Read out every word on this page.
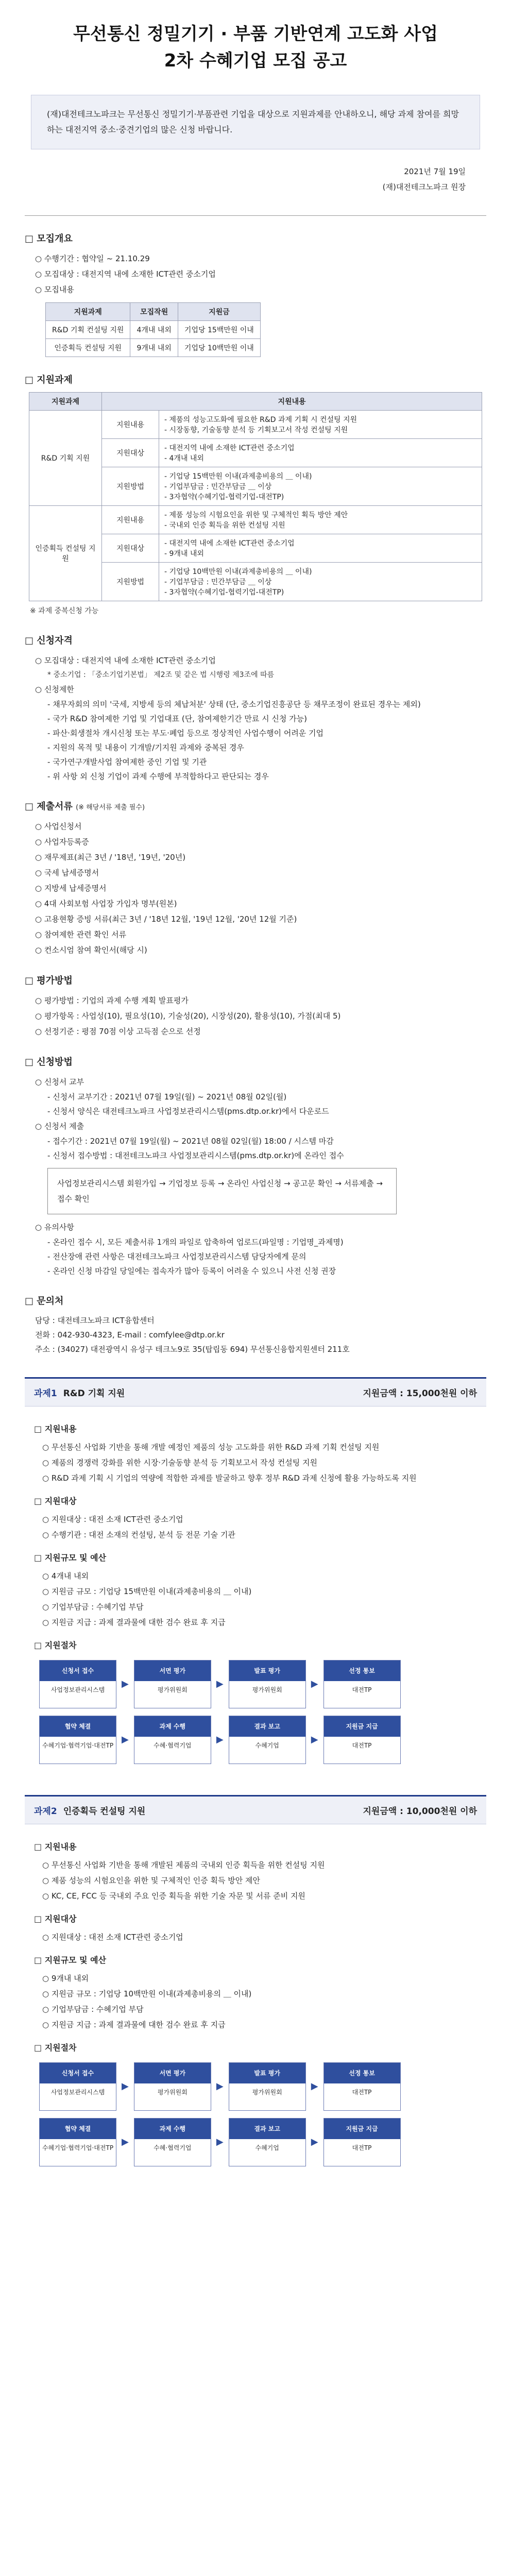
무선통신 정밀기기 · 부품 기반연계 고도화 사업
2차 수혜기업 모집 공고
(재)대전테크노파크는 무선통신 정밀기기·부품관련 기업을 대상으로 지원과제를 안내하오니, 해당 과제 참여를 희망하는 대전지역 중소·중견기업의 많은 신청 바랍니다.
2021년 7월 19일
(재)대전테크노파크 원장
□ 모집개요
○ 수행기간 : 협약일 ~ 21.10.29
○ 모집대상 : 대전지역 내에 소재한 ICT관련 중소기업
○ 모집내용
지원과제	모집작원	지원금
R&D 기획 컨설팅 지원	4개내 내외	기업당 15백만원 이내
인증획득 컨설팅 지원	9개내 내외	기업당 10백만원 이내
□ 지원과제
지원과제	지원내용	
R&D 기획 지원	지원내용	- 제품의 성능고도화에 필요한 R&D 과제 기획 시 컨설팅 지원
- 시장동향, 기술동향 분석 등 기획보고서 작성 컨설팅 지원

	지원대상	- 대전지역 내에 소재한 ICT관련 중소기업
- 4개내 내외

	지원방법	- 기업당 15백만원 이내(과제총비용의 ＿ 이내)
- 기업부담금 : 민간부담금 ＿ 이상
- 3자협약(수혜기업-협력기업-대전TP)

인증획득 컨설팅 지원	지원내용	- 제품 성능의 시험요인을 위한 및 구체적인 획득 방안 제안
- 국내외 인증 획득을 위한 컨설팅 지원

	지원대상	- 대전지역 내에 소재한 ICT관련 중소기업
- 9개내 내외

	지원방법	- 기업당 10백만원 이내(과제총비용의 ＿ 이내)
- 기업부담금 : 민간부담금 ＿ 이상
- 3자협약(수혜기업-협력기업-대전TP)
※ 과제 중복신청 가능
□ 신청자격
○ 모집대상 : 대전지역 내에 소재한 ICT관련 중소기업
* 중소기업 : 「중소기업기본법」 제2조 및 같은 법 시행령 제3조에 따름
○ 신청제한
- 채무자회의 의미 '국세, 지방세 등의 체납처분' 상태 (단, 중소기업진흥공단 등 채무조정이 완료된 경우는 제외)
- 국가 R&D 참여제한 기업 및 기업대표 (단, 참여제한기간 만료 시 신청 가능)
- 파산·회생절차 개시신청 또는 부도·폐업 등으로 정상적인 사업수행이 어려운 기업
- 지원의 목적 및 내용이 기개발/기지원 과제와 중복된 경우
- 국가연구개발사업 참여제한 중인 기업 및 기관
- 위 사항 외 신청 기업이 과제 수행에 부적합하다고 판단되는 경우
□ 제출서류 (※ 해당서류 제출 필수)
○ 사업신청서
○ 사업자등록증
○ 재무제표(최근 3년 / '18년, '19년, '20년)
○ 국세 납세증명서
○ 지방세 납세증명서
○ 4대 사회보험 사업장 가입자 명부(원본)
○ 고용현황 증빙 서류(최근 3년 / '18년 12월, '19년 12월, '20년 12월 기준)
○ 참여제한 관련 확인 서류
○ 컨소시엄 참여 확인서(해당 시)
□ 평가방법
○ 평가방법 : 기업의 과제 수행 계획 발표평가
○ 평가항목 : 사업성(10), 필요성(10), 기술성(20), 시장성(20), 활용성(10), 가점(최대 5)
○ 선정기준 : 평점 70점 이상 고득점 순으로 선정
□ 신청방법
○ 신청서 교부
- 신청서 교부기간 : 2021년 07월 19일(월) ~ 2021년 08월 02일(월)
- 신청서 양식은 대전테크노파크 사업정보관리시스템(pms.dtp.or.kr)에서 다운로드
○ 신청서 제출
- 접수기간 : 2021년 07월 19일(월) ~ 2021년 08월 02일(월) 18:00 / 시스템 마감
- 신청서 접수방법 : 대전테크노파크 사업정보관리시스템(pms.dtp.or.kr)에 온라인 접수
사업정보관리시스템 회원가입 → 기업정보 등록 → 온라인 사업신청 → 공고문 확인 → 서류제출 → 접수 확인
○ 유의사항
- 온라인 접수 시, 모든 제출서류 1개의 파일로 압축하여 업로드(파일명 : 기업명_과제명)
- 전산장애 관련 사항은 대전테크노파크 사업정보관리시스템 담당자에게 문의
- 온라인 신청 마감일 당일에는 접속자가 많아 등록이 어려울 수 있으니 사전 신청 권장
□ 문의처
담당 : 대전테크노파크 ICT융합센터
전화 : 042-930-4323, E-mail : comfylee@dtp.or.kr
주소 : (34027) 대전광역시 유성구 테크노9로 35(탑립동 694) 무선통신융합지원센터 211호
과제1 R&D 기획 지원	지원금액 : 15,000천원 이하
□ 지원내용
○ 무선통신 사업화 기반을 통해 개발 예정인 제품의 성능 고도화를 위한 R&D 과제 기획 컨설팅 지원
○ 제품의 경쟁력 강화를 위한 시장·기술동향 분석 등 기획보고서 작성 컨설팅 지원
○ R&D 과제 기획 시 기업의 역량에 적합한 과제를 발굴하고 향후 정부 R&D 과제 신청에 활용 가능하도록 지원
□ 지원대상
○ 지원대상 : 대전 소재 ICT관련 중소기업
○ 수행기관 : 대전 소재의 컨설팅, 분석 등 전문 기술 기관
□ 지원규모 및 예산
○ 4개내 내외
○ 지원금 규모 : 기업당 15백만원 이내(과제총비용의 ＿ 이내)
○ 기업부담금 : 수혜기업 부담
○ 지원금 지급 : 과제 결과물에 대한 검수 완료 후 지급
□ 지원절차
신청서 접수
사업정보관리시스템
▶
서면 평가
평가위원회
▶
발표 평가
평가위원회
▶
선정 통보
대전TP
협약 체결
수혜기업·협력기업·대전TP
▶
과제 수행
수혜·협력기업
▶
결과 보고
수혜기업
▶
지원금 지급
대전TP
과제2 인증획득 컨설팅 지원	지원금액 : 10,000천원 이하
□ 지원내용
○ 무선통신 사업화 기반을 통해 개발된 제품의 국내외 인증 획득을 위한 컨설팅 지원
○ 제품 성능의 시험요인을 위한 및 구체적인 인증 획득 방안 제안
○ KC, CE, FCC 등 국내외 주요 인증 획득을 위한 기술 자문 및 서류 준비 지원
□ 지원대상
○ 지원대상 : 대전 소재 ICT관련 중소기업
□ 지원규모 및 예산
○ 9개내 내외
○ 지원금 규모 : 기업당 10백만원 이내(과제총비용의 ＿ 이내)
○ 기업부담금 : 수혜기업 부담
○ 지원금 지급 : 과제 결과물에 대한 검수 완료 후 지급
□ 지원절차
신청서 접수
사업정보관리시스템
▶
서면 평가
평가위원회
▶
발표 평가
평가위원회
▶
선정 통보
대전TP
협약 체결
수혜기업·협력기업·대전TP
▶
과제 수행
수혜·협력기업
▶
결과 보고
수혜기업
▶
지원금 지급
대전TP
